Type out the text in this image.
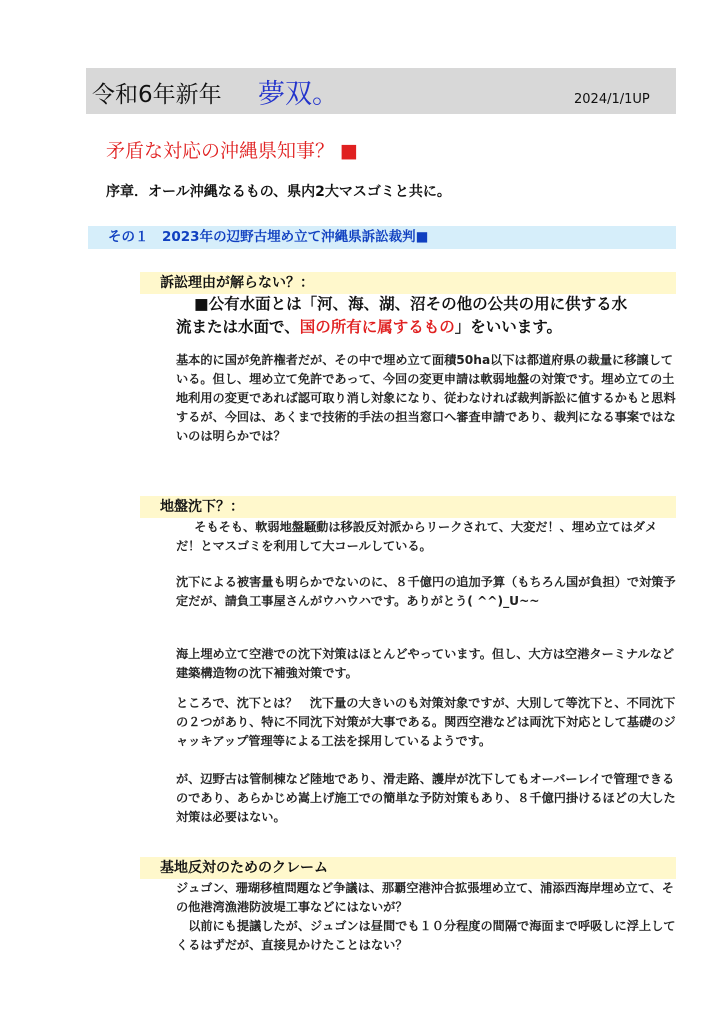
令和6年新年 夢双。	2024/1/1UP
矛盾な対応の沖縄県知事？ ■
序章．オール沖縄なるもの、県内2大マスゴミと共に。
その１　2023年の辺野古埋め立て沖縄県訴訟裁判■
訴訟理由が解らない？：

■公有水面とは「河、海、湖、沼その他の公共の用に供する水
流または水面で、国の所有に属するもの」をいいます。

基本的に国が免許権者だが、その中で埋め立て面積50ha以下は都道府県の裁量に移譲している。但し、埋め立て免許であって、今回の変更申請は軟弱地盤の対策です。埋め立ての土地利用の変更であれば認可取り消し対象になり、従わなければ裁判訴訟に値するかもと思料するが、今回は、あくまで技術的手法の担当窓口へ審査申請であり、裁判になる事案ではないのは明らかでは？

地盤沈下？：

そもそも、軟弱地盤騒動は移設反対派からリークされて、大変だ！、埋め立てはダメだ！とマスゴミを利用して大コールしている。

沈下による被害量も明らかでないのに、８千億円の追加予算（もちろん国が負担）で対策予定だが、請負工事屋さんがウハウハです。ありがとう( ^^)_U~~

海上埋め立て空港での沈下対策はほとんどやっています。但し、大方は空港ターミナルなど建築構造物の沈下補強対策です。

ところで、沈下とは？　沈下量の大きいのも対策対象ですが、大別して等沈下と、不同沈下の２つがあり、特に不同沈下対策が大事である。関西空港などは両沈下対応として基礎のジャッキアップ管理等による工法を採用しているようです。

が、辺野古は管制棟など陸地であり、滑走路、護岸が沈下してもオーバーレイで管理できるのであり、あらかじめ嵩上げ施工での簡単な予防対策もあり、８千億円掛けるほどの大した対策は必要はない。

基地反対のためのクレーム

ジュゴン、珊瑚移植問題など争議は、那覇空港沖合拡張埋め立て、浦添西海岸埋め立て、その他港湾漁港防波堤工事などにはないが？

以前にも提議したが、ジュゴンは昼間でも１０分程度の間隔で海面まで呼吸しに浮上してくるはずだが、直接見かけたことはない？
